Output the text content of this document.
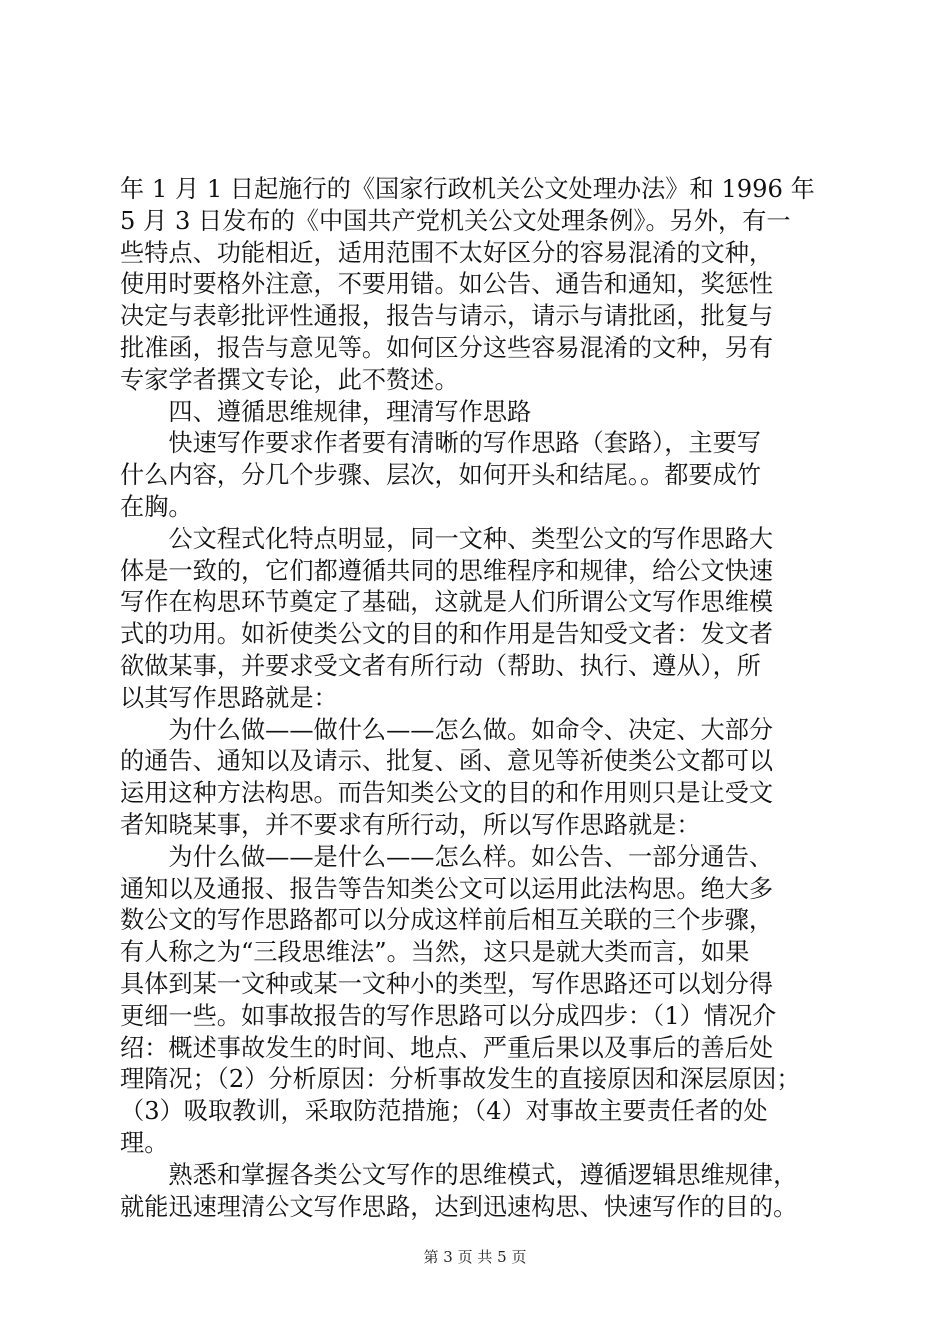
年 1 月 1 日起施行的《国家行政机关公文处理办法》和 1996 年
5 月 3 日发布的《中国共产党机关公文处理条例》。另外，有一
些特点、功能相近，适用范围不太好区分的容易混淆的文种，
使用时要格外注意，不要用错。如公告、通告和通知，奖惩性
决定与表彰批评性通报，报告与请示，请示与请批函，批复与
批准函，报告与意见等。如何区分这些容易混淆的文种，另有
专家学者撰文专论，此不赘述。
　　四、遵循思维规律，理清写作思路
　　快速写作要求作者要有清晰的写作思路（套路），主要写
什么内容，分几个步骤、层次，如何开头和结尾。。都要成竹
在胸。
　　公文程式化特点明显，同一文种、类型公文的写作思路大
体是一致的，它们都遵循共同的思维程序和规律，给公文快速
写作在构思环节奠定了基础，这就是人们所谓公文写作思维模
式的功用。如祈使类公文的目的和作用是告知受文者：发文者
欲做某事，并要求受文者有所行动（帮助、执行、遵从），所
以其写作思路就是：
　　为什么做——做什么——怎么做。如命令、决定、大部分
的通告、通知以及请示、批复、函、意见等祈使类公文都可以
运用这种方法构思。而告知类公文的目的和作用则只是让受文
者知晓某事，并不要求有所行动，所以写作思路就是：
　　为什么做——是什么——怎么样。如公告、一部分通告、
通知以及通报、报告等告知类公文可以运用此法构思。绝大多
数公文的写作思路都可以分成这样前后相互关联的三个步骤，
有人称之为“三段思维法”。当然，这只是就大类而言，如果
具体到某一文种或某一文种小的类型，写作思路还可以划分得
更细一些。如事故报告的写作思路可以分成四步：（1）情况介
绍：概述事故发生的时间、地点、严重后果以及事后的善后处
理隋况；（2）分析原因：分析事故发生的直接原因和深层原因；
（3）吸取教训，采取防范措施；（4）对事故主要责任者的处
理。
　　熟悉和掌握各类公文写作的思维模式，遵循逻辑思维规律，
就能迅速理清公文写作思路，达到迅速构思、快速写作的目的。
第 3 页 共 5 页
